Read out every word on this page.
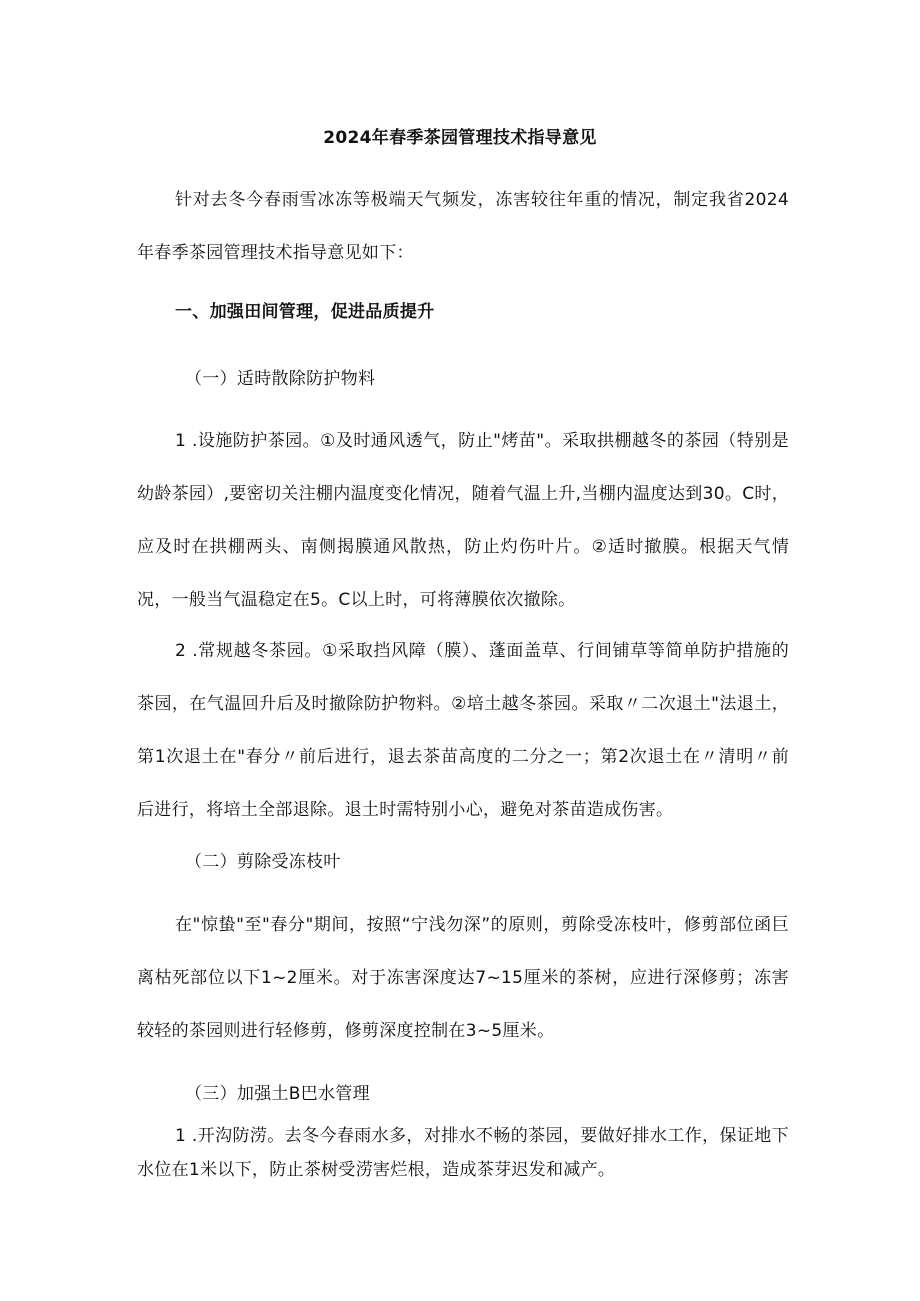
2024年春季茶园管理技术指导意见

针对去冬今春雨雪冰冻等极端天气频发，冻害较往年重的情况，制定我省2024年春季茶园管理技术指导意见如下：

一、加强田间管理，促进品质提升
（一）适時散除防护物料

1 .设施防护茶园。①及时通风透气，防止"烤苗"。采取拱棚越冬的茶园（特别是幼龄茶园）,要密切关注棚内温度变化情况，随着气温上升,当棚内温度达到30。C时，应及时在拱棚两头、南侧揭膜通风散热，防止灼伤叶片。②适时撤膜。根据天气情况，一般当气温稳定在5。C以上时，可将薄膜依次撤除。

2 .常规越冬茶园。①采取挡风障（膜）、蓬面盖草、行间铺草等简单防护措施的茶园，在气温回升后及时撤除防护物料。②培土越冬茶园。采取〃二次退土"法退土，第1次退土在"春分〃前后进行，退去茶苗高度的二分之一；第2次退土在〃清明〃前后进行，将培土全部退除。退土时需特别小心，避免对茶苗造成伤害。

（二）剪除受冻枝叶

在"惊蛰"至"春分"期间，按照“宁浅勿深”的原则，剪除受冻枝叶，修剪部位函巨离枯死部位以下1~2厘米。对于冻害深度达7~15厘米的茶树，应进行深修剪；冻害较轻的茶园则进行轻修剪，修剪深度控制在3~5厘米。

（三）加强土B巴水管理

1 .开沟防涝。去冬今春雨水多，对排水不畅的茶园，要做好排水工作，保证地下水位在1米以下，防止茶树受涝害烂根，造成茶芽迟发和减产。
